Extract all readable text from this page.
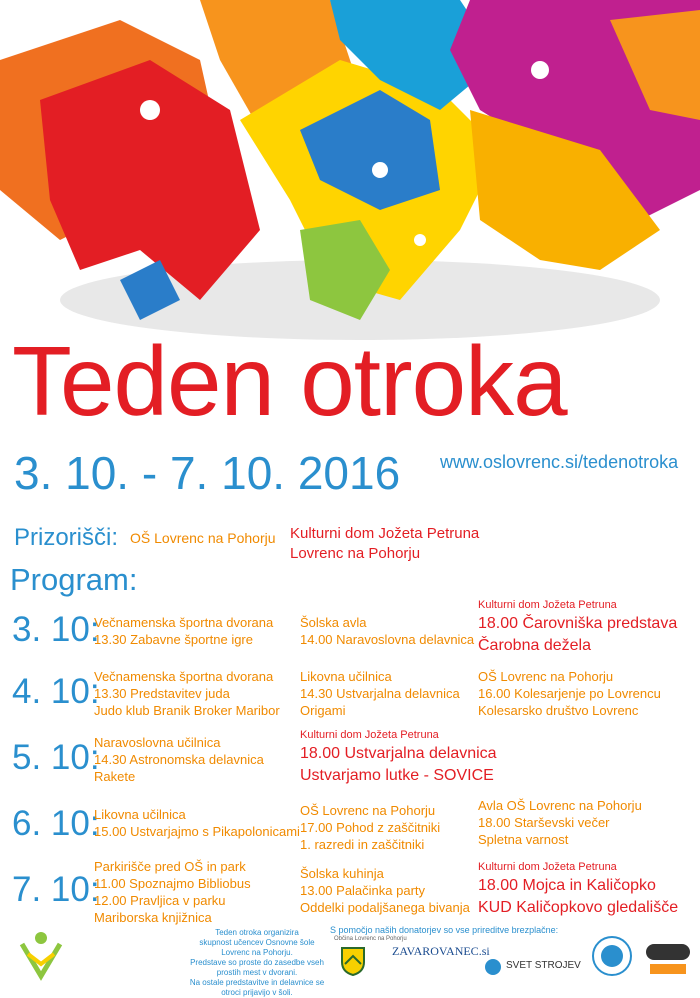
Teden otroka
3. 10. - 7. 10. 2016 www.oslovrenc.si/tedenotroka
Prizorišči: OŠ Lovrenc na Pohorju Kulturni dom Jožeta Petruna
Lovrenc na Pohorju
Program:
3. 10:
Večnamenska športna dvorana
13.30 Zabavne športne igre
Šolska avla
14.00 Naravoslovna delavnica
Kulturni dom Jožeta Petruna
18.00 Čarovniška predstava
Čarobna dežela
4. 10:
Večnamenska športna dvorana
13.30 Predstavitev juda
Judo klub Branik Broker Maribor
Likovna učilnica
14.30 Ustvarjalna delavnica
Origami
OŠ Lovrenc na Pohorju
16.00 Kolesarjenje po Lovrencu
Kolesarsko društvo Lovrenc
5. 10:
Naravoslovna učilnica
14.30 Astronomska delavnica
Rakete
Kulturni dom Jožeta Petruna
18.00 Ustvarjalna delavnica
Ustvarjamo lutke - SOVICE
6. 10:
Likovna učilnica
15.00 Ustvarjajmo s Pikapolonicami
OŠ Lovrenc na Pohorju
17.00 Pohod z zaščitniki
1. razredi in zaščitniki
Avla OŠ Lovrenc na Pohorju
18.00 Starševski večer
Spletna varnost
7. 10:
Parkirišče pred OŠ in park
11.00 Spoznajmo Bibliobus
12.00 Pravljica v parku
Mariborska knjižnica
Šolska kuhinja
13.00 Palačinka party
Oddelki podaljšanega bivanja
Kulturni dom Jožeta Petruna
18.00 Mojca in Kaličopko
KUD Kaličopkovo gledališče
Teden otroka organizira
skupnost učencev Osnovne šole Lovrenc na Pohorju.
Predstave so proste do zasedbe vseh prostih mest v dvorani.
Na ostale predstavitve in delavnice se otroci prijavijo v šoli.
S pomočjo naših donatorjev so vse prireditve brezplačne:
Občina Lovrenc na Pohorju
ZAVAROVANEC.si
SVET STROJEV
